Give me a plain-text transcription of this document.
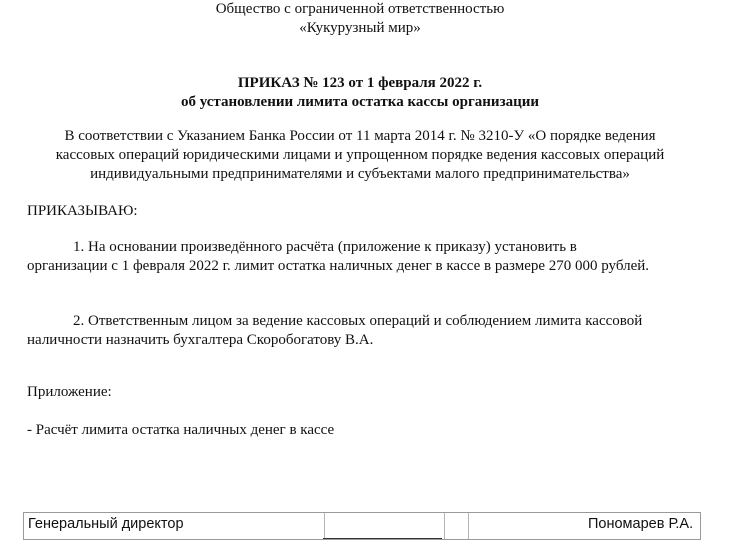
Общество с ограниченной ответственностью
«Кукурузный мир»
ПРИКАЗ № 123 от 1 февраля 2022 г.
об установлении лимита остатка кассы организации
В соответствии с Указанием Банка России от 11 марта 2014 г. № 3210-У «О порядке ведения
кассовых операций юридическими лицами и упрощенном порядке ведения кассовых операций
индивидуальными предпринимателями и субъектами малого предпринимательства»
ПРИКАЗЫВАЮ:
1. На основании произведённого расчёта (приложение к приказу) установить в
организации с 1 февраля 2022 г. лимит остатка наличных денег в кассе в размере 270 000 рублей.
2. Ответственным лицом за ведение кассовых операций и соблюдением лимита кассовой
наличности назначить бухгалтера Скоробогатову В.А.
Приложение:
- Расчёт лимита остатка наличных денег в кассе
Генеральный директор	Пономарев Р.А.
